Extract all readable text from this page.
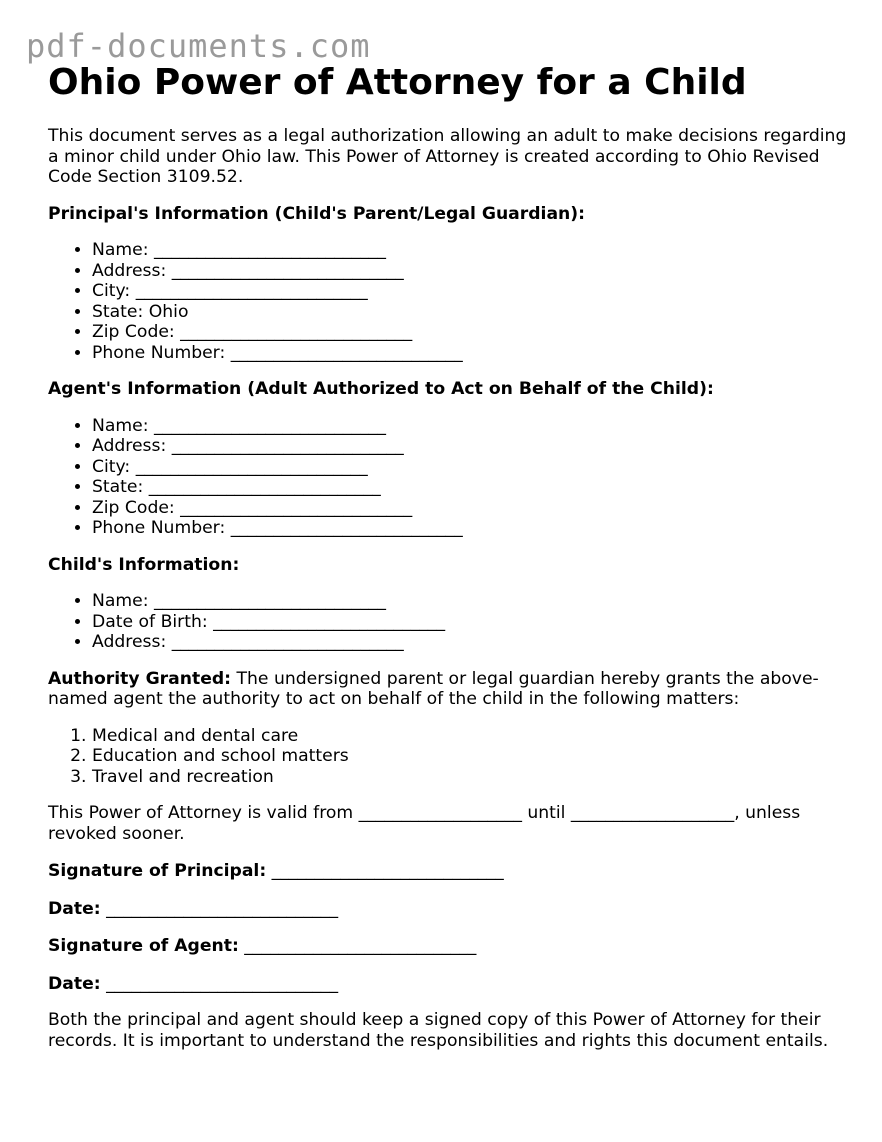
pdf-documents.com
Ohio Power of Attorney for a Child

This document serves as a legal authorization allowing an adult to make decisions regarding a minor child under Ohio law. This Power of Attorney is created according to Ohio Revised Code Section 3109.52.

Principal's Information (Child's Parent/Legal Guardian):

• Name: ___________________________
• Address: ___________________________
• City: ___________________________
• State: Ohio
• Zip Code: ___________________________
• Phone Number: ___________________________

Agent's Information (Adult Authorized to Act on Behalf of the Child):

• Name: ___________________________
• Address: ___________________________
• City: ___________________________
• State: ___________________________
• Zip Code: ___________________________
• Phone Number: ___________________________

Child's Information:

• Name: ___________________________
• Date of Birth: ___________________________
• Address: ___________________________

Authority Granted: The undersigned parent or legal guardian hereby grants the above-named agent the authority to act on behalf of the child in the following matters:

1. Medical and dental care
2. Education and school matters
3. Travel and recreation

This Power of Attorney is valid from ___________________ until ___________________, unless revoked sooner.

Signature of Principal: ___________________________

Date: ___________________________

Signature of Agent: ___________________________

Date: ___________________________

Both the principal and agent should keep a signed copy of this Power of Attorney for their records. It is important to understand the responsibilities and rights this document entails.
